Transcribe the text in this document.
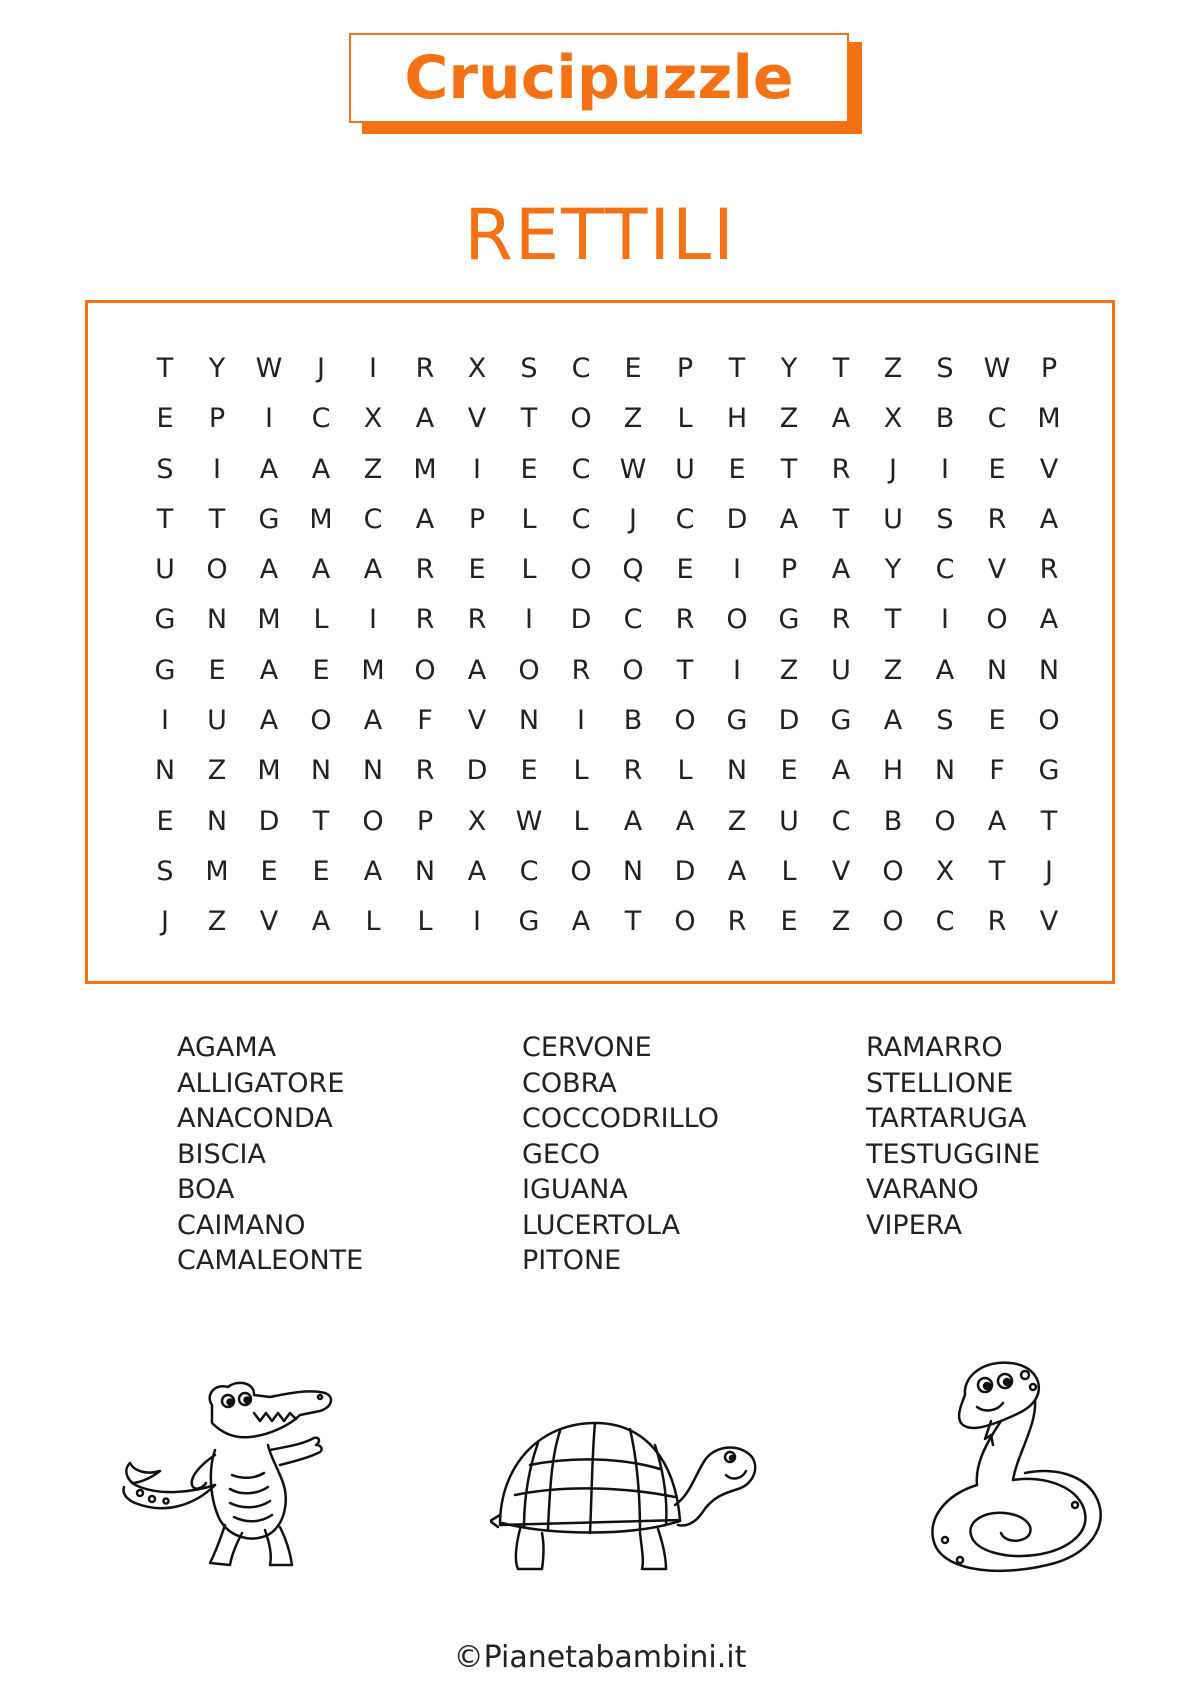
Crucipuzzle
RETTILI
T	Y	W	J	I	R	X	S	C	E	P	T	Y	T	Z	S	W	P
E	P	I	C	X	A	V	T	O	Z	L	H	Z	A	X	B	C	M
S	I	A	A	Z	M	I	E	C	W	U	E	T	R	J	I	E	V
T	T	G	M	C	A	P	L	C	J	C	D	A	T	U	S	R	A
U	O	A	A	A	R	E	L	O	Q	E	I	P	A	Y	C	V	R
G	N	M	L	I	R	R	I	D	C	R	O	G	R	T	I	O	A
G	E	A	E	M	O	A	O	R	O	T	I	Z	U	Z	A	N	N
I	U	A	O	A	F	V	N	I	B	O	G	D	G	A	S	E	O
N	Z	M	N	N	R	D	E	L	R	L	N	E	A	H	N	F	G
E	N	D	T	O	P	X	W	L	A	A	Z	U	C	B	O	A	T
S	M	E	E	A	N	A	C	O	N	D	A	L	V	O	X	T	J
J	Z	V	A	L	L	I	G	A	T	O	R	E	Z	O	C	R	V
AGAMA
ALLIGATORE
ANACONDA
BISCIA
BOA
CAIMANO
CAMALEONTE
CERVONE
COBRA
COCCODRILLO
GECO
IGUANA
LUCERTOLA
PITONE
RAMARRO
STELLIONE
TARTARUGA
TESTUGGINE
VARANO
VIPERA
©Pianetabambini.it
